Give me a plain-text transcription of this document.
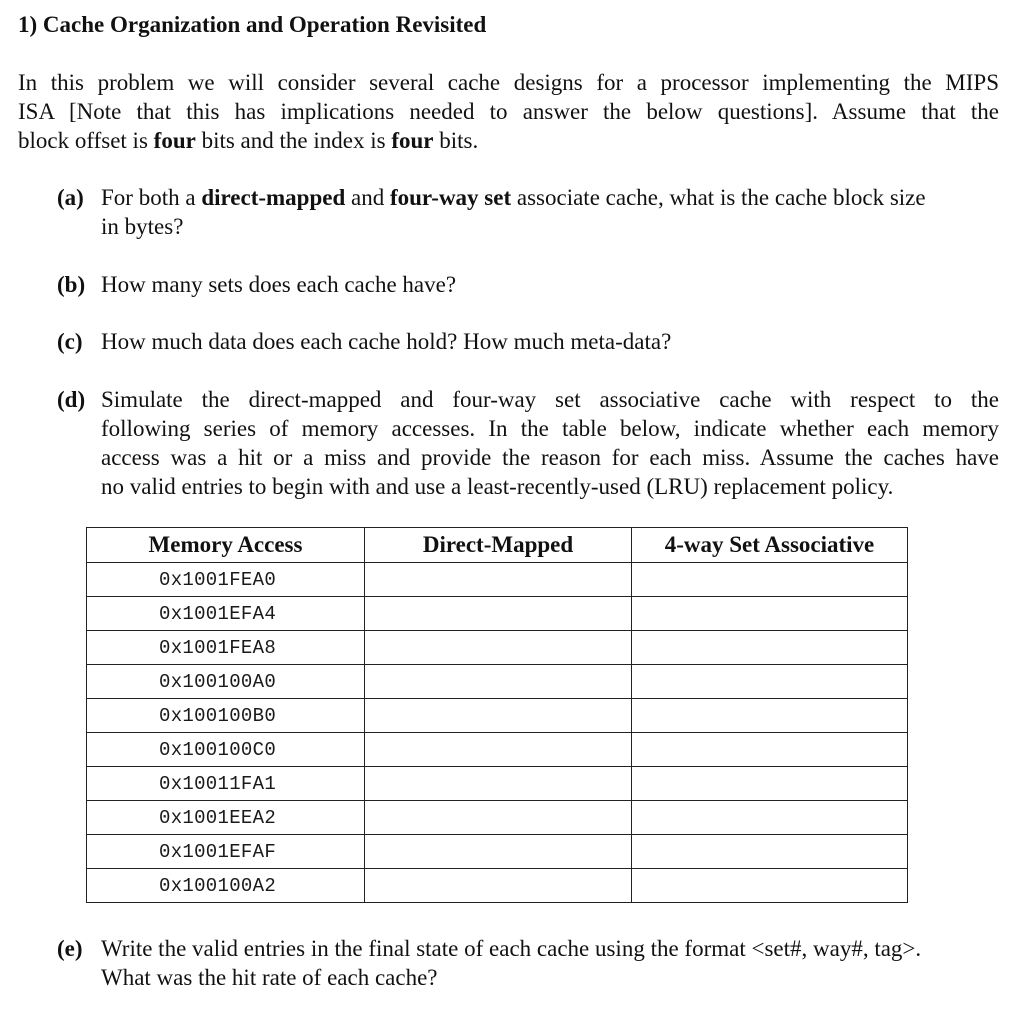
1) Cache Organization and Operation Revisited
In this problem we will consider several cache designs for a processor implementing the MIPS
ISA [Note that this has implications needed to answer the below questions]. Assume that the
block offset is four bits and the index is four bits.
(a) For both a direct-mapped and four-way set associate cache, what is the cache block size
in bytes?
(b) How many sets does each cache have?
(c) How much data does each cache hold? How much meta-data?
(d) Simulate the direct-mapped and four-way set associative cache with respect to the
following series of memory accesses. In the table below, indicate whether each memory
access was a hit or a miss and provide the reason for each miss. Assume the caches have
no valid entries to begin with and use a least-recently-used (LRU) replacement policy.
Memory Access	Direct-Mapped	4-way Set Associative
0x1001FEA0		
0x1001EFA4		
0x1001FEA8		
0x100100A0		
0x100100B0		
0x100100C0		
0x10011FA1		
0x1001EEA2		
0x1001EFAF		
0x100100A2		
(e) Write the valid entries in the final state of each cache using the format <set#, way#, tag>.
What was the hit rate of each cache?
